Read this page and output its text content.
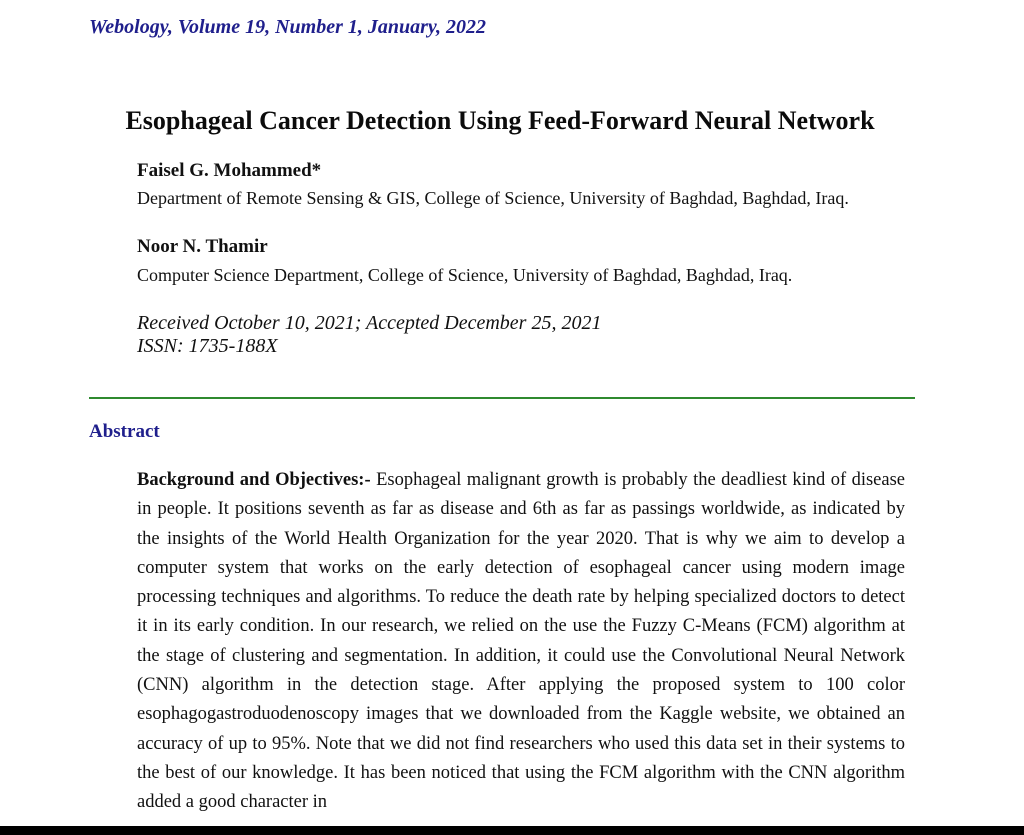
Webology, Volume 19, Number 1, January, 2022
Esophageal Cancer Detection Using Feed-Forward Neural Network
Faisel G. Mohammed*
Department of Remote Sensing & GIS, College of Science, University of Baghdad, Baghdad, Iraq.
Noor N. Thamir
Computer Science Department, College of Science, University of Baghdad, Baghdad, Iraq.
Received October 10, 2021; Accepted December 25, 2021
ISSN: 1735-188X
Abstract
Background and Objectives:- Esophageal malignant growth is probably the deadliest kind of disease in people. It positions seventh as far as disease and 6th as far as passings worldwide, as indicated by the insights of the World Health Organization for the year 2020. That is why we aim to develop a computer system that works on the early detection of esophageal cancer using modern image processing techniques and algorithms. To reduce the death rate by helping specialized doctors to detect it in its early condition. In our research, we relied on the use the Fuzzy C-Means (FCM) algorithm at the stage of clustering and segmentation. In addition, it could use the Convolutional Neural Network (CNN) algorithm in the detection stage. After applying the proposed system to 100 color esophagogastroduodenoscopy images that we downloaded from the Kaggle website, we obtained an accuracy of up to 95%. Note that we did not find researchers who used this data set in their systems to the best of our knowledge. It has been noticed that using the FCM algorithm with the CNN algorithm added a good character in
